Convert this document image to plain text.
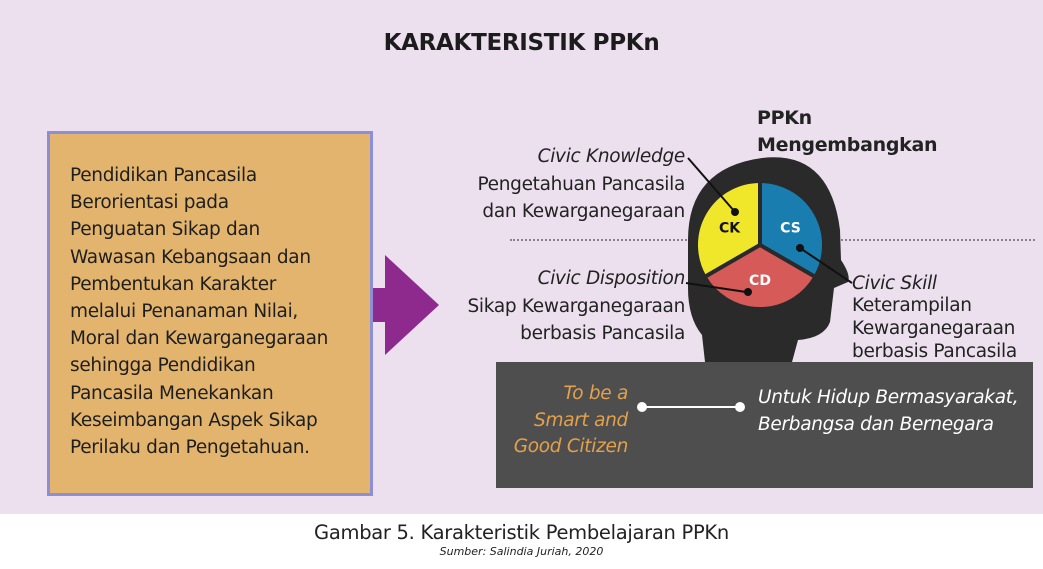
KARAKTERISTIK PPKn
Pendidikan Pancasila
Berorientasi pada
Penguatan Sikap dan
Wawasan Kebangsaan dan
Pembentukan Karakter
melalui Penanaman Nilai,
Moral dan Kewarganegaraan
sehingga Pendidikan
Pancasila Menekankan
Keseimbangan Aspek Sikap
Perilaku dan Pengetahuan.
CK	CS
CD
PPKn
Mengembangkan
Civic Knowledge
Pengetahuan Pancasila
dan Kewarganegaraan
Civic Disposition
Sikap Kewarganegaraan
berbasis Pancasila
Civic Skill
Keterampilan
Kewarganegaraan
berbasis Pancasila
To be a
Smart and
Good Citizen
Untuk Hidup Bermasyarakat,
Berbangsa dan Bernegara
Gambar 5. Karakteristik Pembelajaran PPKn
Sumber: Salindia Juriah, 2020
